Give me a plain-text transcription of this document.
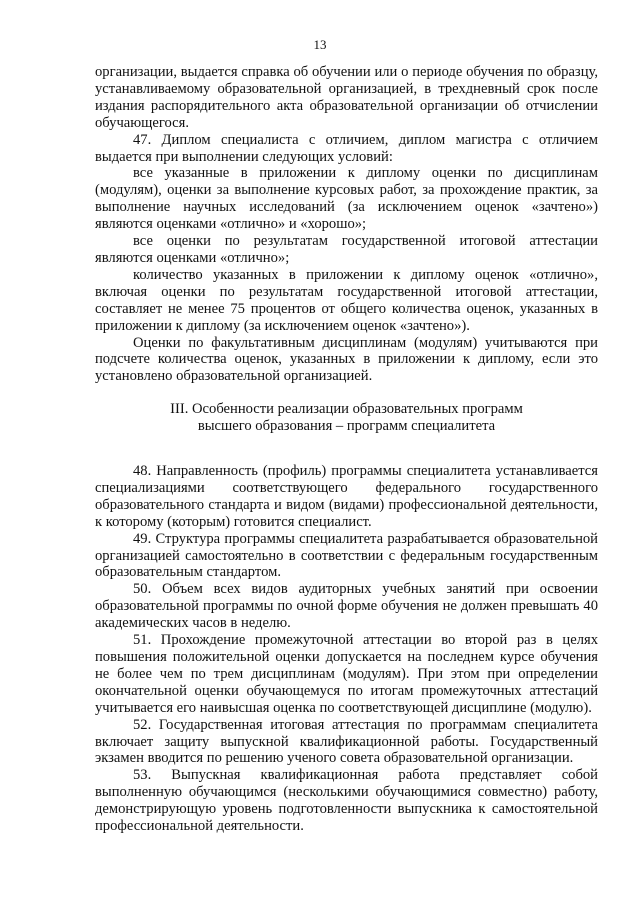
13

организации, выдается справка об обучении или о периоде обучения по образцу, устанавливаемому образовательной организацией, в трехдневный срок после издания распорядительного акта образовательной организации об отчислении обучающегося.

47. Диплом специалиста с отличием, диплом магистра с отличием выдается при выполнении следующих условий:

все указанные в приложении к диплому оценки по дисциплинам (модулям), оценки за выполнение курсовых работ, за прохождение практик, за выполнение научных исследований (за исключением оценок «зачтено») являются оценками «отлично» и «хорошо»;

все оценки по результатам государственной итоговой аттестации являются оценками «отлично»;

количество указанных в приложении к диплому оценок «отлично», включая оценки по результатам государственной итоговой аттестации, составляет не менее 75 процентов от общего количества оценок, указанных в приложении к диплому (за исключением оценок «зачтено»).

Оценки по факультативным дисциплинам (модулям) учитываются при подсчете количества оценок, указанных в приложении к диплому, если это установлено образовательной организацией.

III. Особенности реализации образовательных программ
высшего образования – программ специалитета

48. Направленность (профиль) программы специалитета устанавливается специализациями соответствующего федерального государственного образовательного стандарта и видом (видами) профессиональной деятельности, к которому (которым) готовится специалист.

49. Структура программы специалитета разрабатывается образовательной организацией самостоятельно в соответствии с федеральным государственным образовательным стандартом.

50. Объем всех видов аудиторных учебных занятий при освоении образовательной программы по очной форме обучения не должен превышать 40 академических часов в неделю.

51. Прохождение промежуточной аттестации во второй раз в целях повышения положительной оценки допускается на последнем курсе обучения не более чем по трем дисциплинам (модулям). При этом при определении окончательной оценки обучающемуся по итогам промежуточных аттестаций учитывается его наивысшая оценка по соответствующей дисциплине (модулю).

52. Государственная итоговая аттестация по программам специалитета включает защиту выпускной квалификационной работы. Государственный экзамен вводится по решению ученого совета образовательной организации.

53. Выпускная квалификационная работа представляет собой выполненную обучающимся (несколькими обучающимися совместно) работу, демонстрирующую уровень подготовленности выпускника к самостоятельной профессиональной деятельности.
